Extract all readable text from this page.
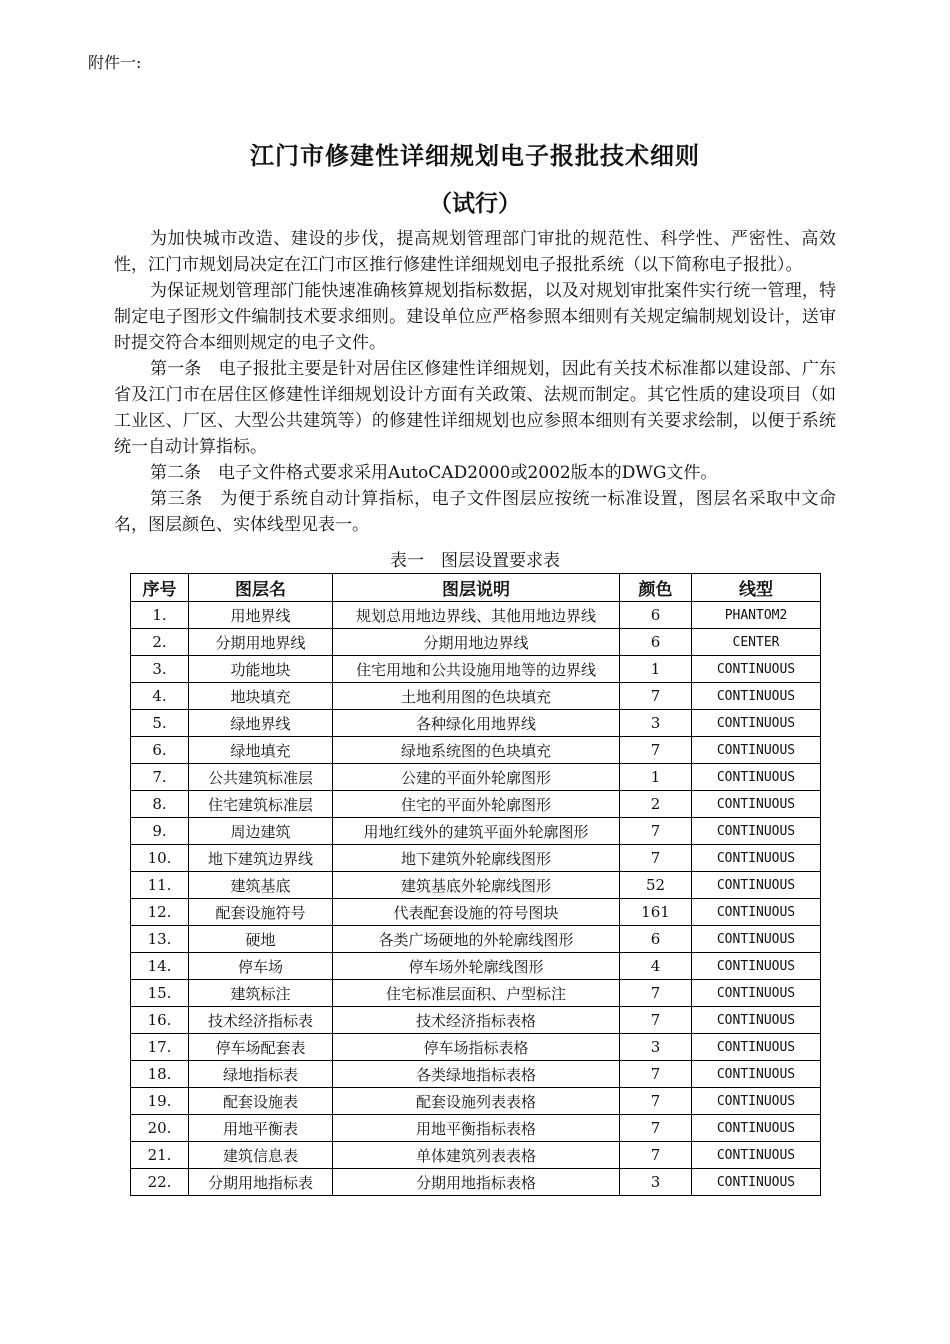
附件一:
江门市修建性详细规划电子报批技术细则
（试行）

为加快城市改造、建设的步伐，提高规划管理部门审批的规范性、科学性、严密性、高效性，江门市规划局决定在江门市区推行修建性详细规划电子报批系统（以下简称电子报批）。

为保证规划管理部门能快速准确核算规划指标数据，以及对规划审批案件实行统一管理，特制定电子图形文件编制技术要求细则。建设单位应严格参照本细则有关规定编制规划设计，送审时提交符合本细则规定的电子文件。

第一条　电子报批主要是针对居住区修建性详细规划，因此有关技术标准都以建设部、广东省及江门市在居住区修建性详细规划设计方面有关政策、法规而制定。其它性质的建设项目（如工业区、厂区、大型公共建筑等）的修建性详细规划也应参照本细则有关要求绘制，以便于系统统一自动计算指标。

第二条　电子文件格式要求采用AutoCAD2000或2002版本的DWG文件。

第三条　为便于系统自动计算指标，电子文件图层应按统一标准设置，图层名采取中文命名，图层颜色、实体线型见表一。

表一　图层设置要求表
序号	图层名	图层说明	颜色	线型
1.	用地界线	规划总用地边界线、其他用地边界线	6	PHANTOM2
2.	分期用地界线	分期用地边界线	6	CENTER
3.	功能地块	住宅用地和公共设施用地等的边界线	1	CONTINUOUS
4.	地块填充	土地利用图的色块填充	7	CONTINUOUS
5.	绿地界线	各种绿化用地界线	3	CONTINUOUS
6.	绿地填充	绿地系统图的色块填充	7	CONTINUOUS
7.	公共建筑标准层	公建的平面外轮廓图形	1	CONTINUOUS
8.	住宅建筑标准层	住宅的平面外轮廓图形	2	CONTINUOUS
9.	周边建筑	用地红线外的建筑平面外轮廓图形	7	CONTINUOUS
10.	地下建筑边界线	地下建筑外轮廓线图形	7	CONTINUOUS
11.	建筑基底	建筑基底外轮廓线图形	52	CONTINUOUS
12.	配套设施符号	代表配套设施的符号图块	161	CONTINUOUS
13.	硬地	各类广场硬地的外轮廓线图形	6	CONTINUOUS
14.	停车场	停车场外轮廓线图形	4	CONTINUOUS
15.	建筑标注	住宅标准层面积、户型标注	7	CONTINUOUS
16.	技术经济指标表	技术经济指标表格	7	CONTINUOUS
17.	停车场配套表	停车场指标表格	3	CONTINUOUS
18.	绿地指标表	各类绿地指标表格	7	CONTINUOUS
19.	配套设施表	配套设施列表表格	7	CONTINUOUS
20.	用地平衡表	用地平衡指标表格	7	CONTINUOUS
21.	建筑信息表	单体建筑列表表格	7	CONTINUOUS
22.	分期用地指标表	分期用地指标表格	3	CONTINUOUS
